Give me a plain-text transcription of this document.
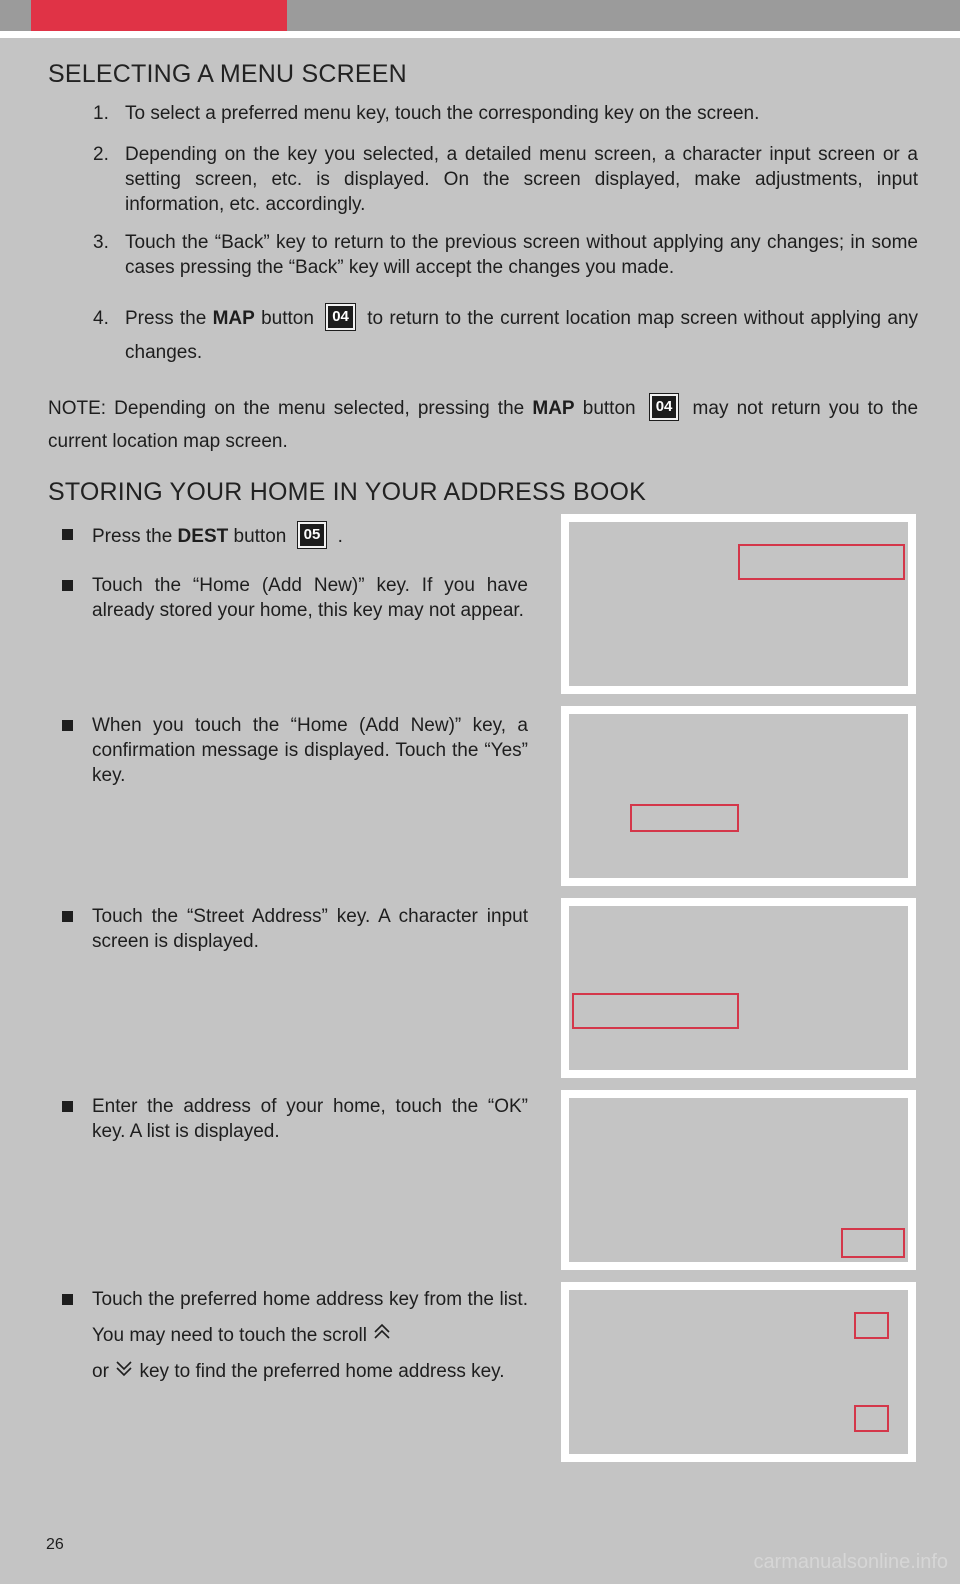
SELECTING A MENU SCREEN
1. To select a preferred menu key, touch the corresponding key on the screen.
2. Depending on the key you selected, a detailed menu screen, a character input screen or a setting screen, etc. is displayed. On the screen displayed, make adjustments, input information, etc. accordingly.
3. Touch the “Back” key to return to the previous screen without applying any changes; in some cases pressing the “Back” key will accept the changes you made.
4. Press the MAP button 04 to return to the current location map screen without applying any changes.
NOTE: Depending on the menu selected, pressing the MAP button 04 may not return you to the current location map screen.
STORING YOUR HOME IN YOUR ADDRESS BOOK
Press the DEST button 05 .
Touch the “Home (Add New)” key. If you have already stored your home, this key may not appear.
When you touch the “Home (Add New)” key, a confirmation message is displayed. Touch the “Yes” key.
Touch the “Street Address” key. A character input screen is displayed.
Enter the address of your home, touch the “OK” key. A list is displayed.
Touch the preferred home address key from the list. You may need to touch the scroll
or key to find the preferred home address key.
26
carmanualsonline.info
